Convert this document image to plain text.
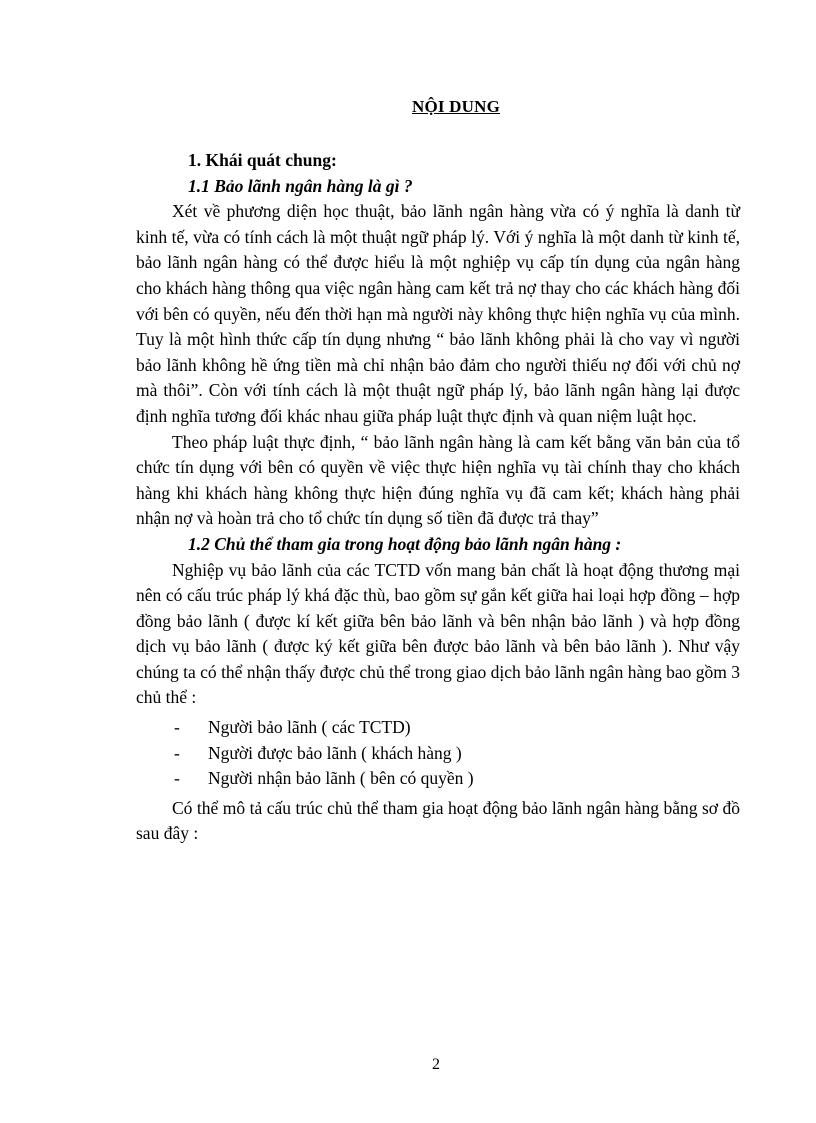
NỘI DUNG

1. Khái quát chung:

1.1 Bảo lãnh ngân hàng là gì ?

Xét về phương diện học thuật, bảo lãnh ngân hàng vừa có ý nghĩa là danh từ kinh tế, vừa có tính cách là một thuật ngữ pháp lý. Với ý nghĩa là một danh từ kinh tế, bảo lãnh ngân hàng có thể được hiểu là một nghiệp vụ cấp tín dụng của ngân hàng cho khách hàng thông qua việc ngân hàng cam kết trả nợ thay cho các khách hàng đối với bên có quyền, nếu đến thời hạn mà người này không thực hiện nghĩa vụ của mình. Tuy là một hình thức cấp tín dụng nhưng “ bảo lãnh không phải là cho vay vì người bảo lãnh không hề ứng tiền mà chỉ nhận bảo đảm cho người thiếu nợ đối với chủ nợ mà thôi”. Còn với tính cách là một thuật ngữ pháp lý, bảo lãnh ngân hàng lại được định nghĩa tương đối khác nhau giữa pháp luật thực định và quan niệm luật học.

Theo pháp luật thực định, “ bảo lãnh ngân hàng là cam kết bằng văn bản của tổ chức tín dụng với bên có quyền về việc thực hiện nghĩa vụ tài chính thay cho khách hàng khi khách hàng không thực hiện đúng nghĩa vụ đã cam kết; khách hàng phải nhận nợ và hoàn trả cho tổ chức tín dụng số tiền đã được trả thay”

1.2 Chủ thể tham gia trong hoạt động bảo lãnh ngân hàng :

Nghiệp vụ bảo lãnh của các TCTD vốn mang bản chất là hoạt động thương mại nên có cấu trúc pháp lý khá đặc thù, bao gồm sự gắn kết giữa hai loại hợp đồng – hợp đồng bảo lãnh ( được kí kết giữa bên bảo lãnh và bên nhận bảo lãnh ) và hợp đồng dịch vụ bảo lãnh ( được ký kết giữa bên được bảo lãnh và bên bảo lãnh ). Như vậy chúng ta có thể nhận thấy được chủ thể trong giao dịch bảo lãnh ngân hàng bao gồm 3 chủ thể :

- Người bảo lãnh ( các TCTD)
- Người được bảo lãnh ( khách hàng )
- Người nhận bảo lãnh ( bên có quyền )

Có thể mô tả cấu trúc chủ thể tham gia hoạt động bảo lãnh ngân hàng bằng sơ đồ sau đây :

2
